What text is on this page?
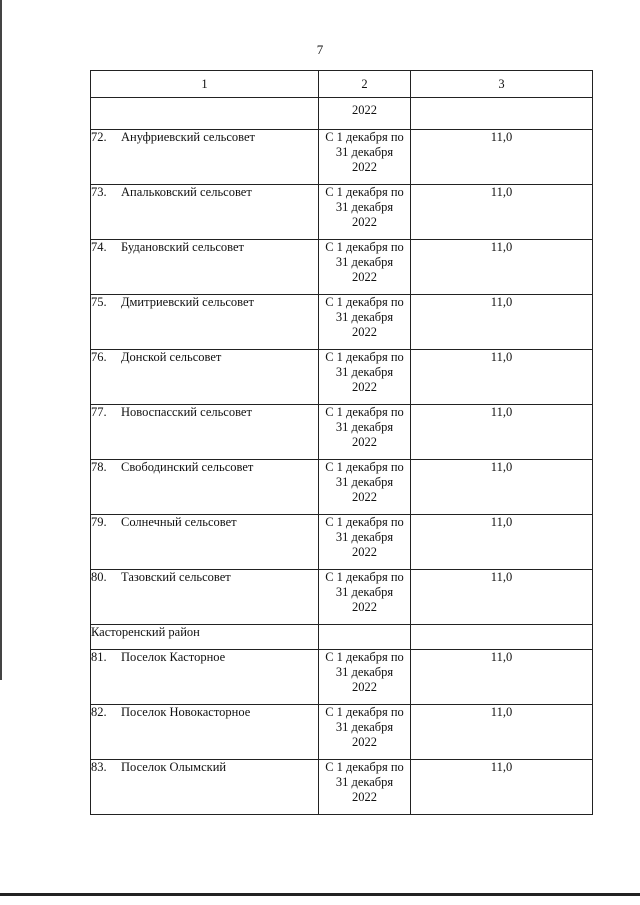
7
1	2	3
	2022	
72. Ануфриевский сельсовет	С 1 декабря по
31 декабря
2022	11,0
73. Апальковский сельсовет	С 1 декабря по
31 декабря
2022	11,0
74. Будановский сельсовет	С 1 декабря по
31 декабря
2022	11,0
75. Дмитриевский сельсовет	С 1 декабря по
31 декабря
2022	11,0
76. Донской сельсовет	С 1 декабря по
31 декабря
2022	11,0
77. Новоспасский сельсовет	С 1 декабря по
31 декабря
2022	11,0
78. Свободинский сельсовет	С 1 декабря по
31 декабря
2022	11,0
79. Солнечный сельсовет	С 1 декабря по
31 декабря
2022	11,0
80. Тазовский сельсовет	С 1 декабря по
31 декабря
2022	11,0
Касторенский район		
81. Поселок Касторное	С 1 декабря по
31 декабря
2022	11,0
82. Поселок Новокасторное	С 1 декабря по
31 декабря
2022	11,0
83. Поселок Олымский	С 1 декабря по
31 декабря
2022	11,0
